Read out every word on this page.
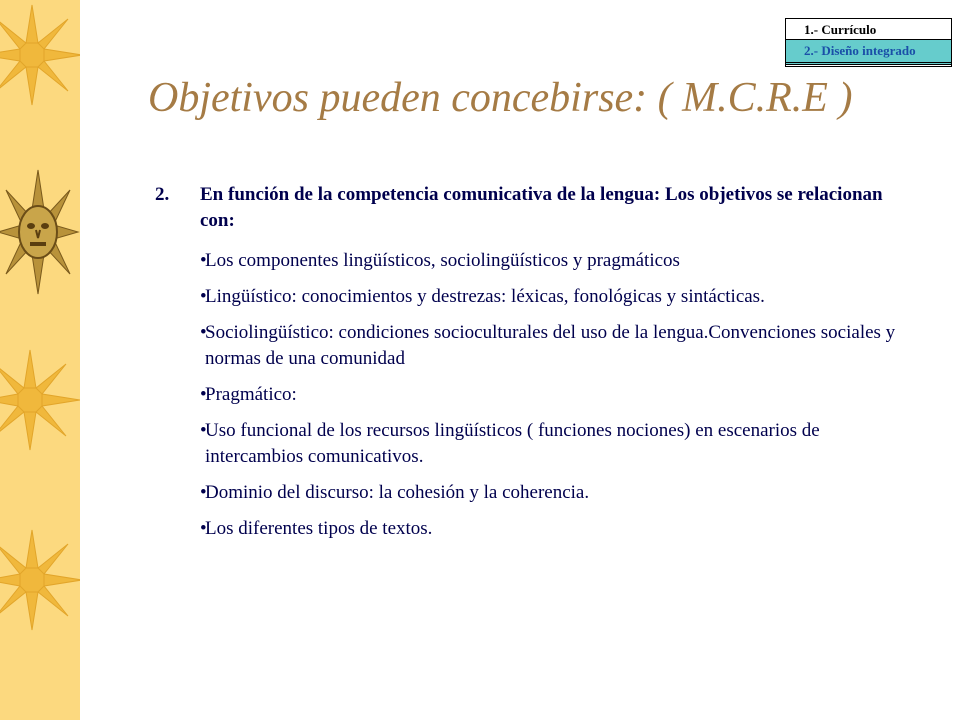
1.- Currículo
2.- Diseño integrado
Objetivos pueden concebirse: ( M.C.R.E )
2.	En función de la competencia comunicativa de la lengua: Los objetivos se relacionan con:
•
Los componentes lingüísticos, sociolingüísticos y pragmáticos
•
Lingüístico: conocimientos y destrezas: léxicas, fonológicas y sintácticas.
•
Sociolingüístico: condiciones socioculturales del uso de la lengua.Convenciones sociales y normas de una comunidad
•
Pragmático:
•
Uso funcional de los recursos lingüísticos ( funciones nociones) en escenarios de intercambios comunicativos.
•
Dominio del discurso: la cohesión y la coherencia.
•
Los diferentes tipos de textos.
